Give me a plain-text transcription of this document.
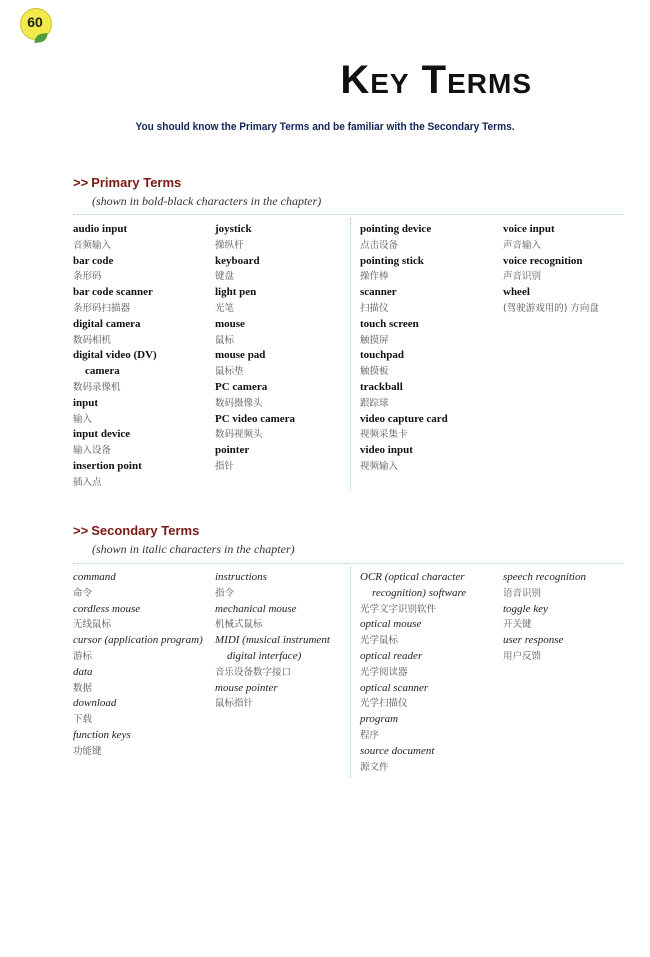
60
Key Terms
You should know the Primary Terms and be familiar with the Secondary Terms.
>> Primary Terms
(shown in bold-black characters in the chapter)
audio input
音频输入
bar code
条形码
bar code scanner
条形码扫描器
digital camera
数码相机
digital video (DV)
camera
数码录像机
input
输入
input device
输入设备
insertion point
插入点
joystick
操纵杆
keyboard
键盘
light pen
光笔
mouse
鼠标
mouse pad
鼠标垫
PC camera
数码摄像头
PC video camera
数码视频头
pointer
指针
pointing device
点击设备
pointing stick
操作棒
scanner
扫描仪
touch screen
触摸屏
touchpad
触摸板
trackball
跟踪球
video capture card
视频采集卡
video input
视频输入
voice input
声音输入
voice recognition
声音识别
wheel
(驾驶游戏用的) 方向盘
>> Secondary Terms
(shown in italic characters in the chapter)
command
命令
cordless mouse
无线鼠标
cursor (application program)
游标
data
数据
download
下载
function keys
功能键
instructions
指令
mechanical mouse
机械式鼠标
MIDI (musical instrument
digital interface)
音乐设备数字接口
mouse pointer
鼠标指针
OCR (optical character
recognition) software
光学文字识别软件
optical mouse
光学鼠标
optical reader
光学阅读器
optical scanner
光学扫描仪
program
程序
source document
源文件
speech recognition
语音识别
toggle key
开关键
user response
用户反馈
